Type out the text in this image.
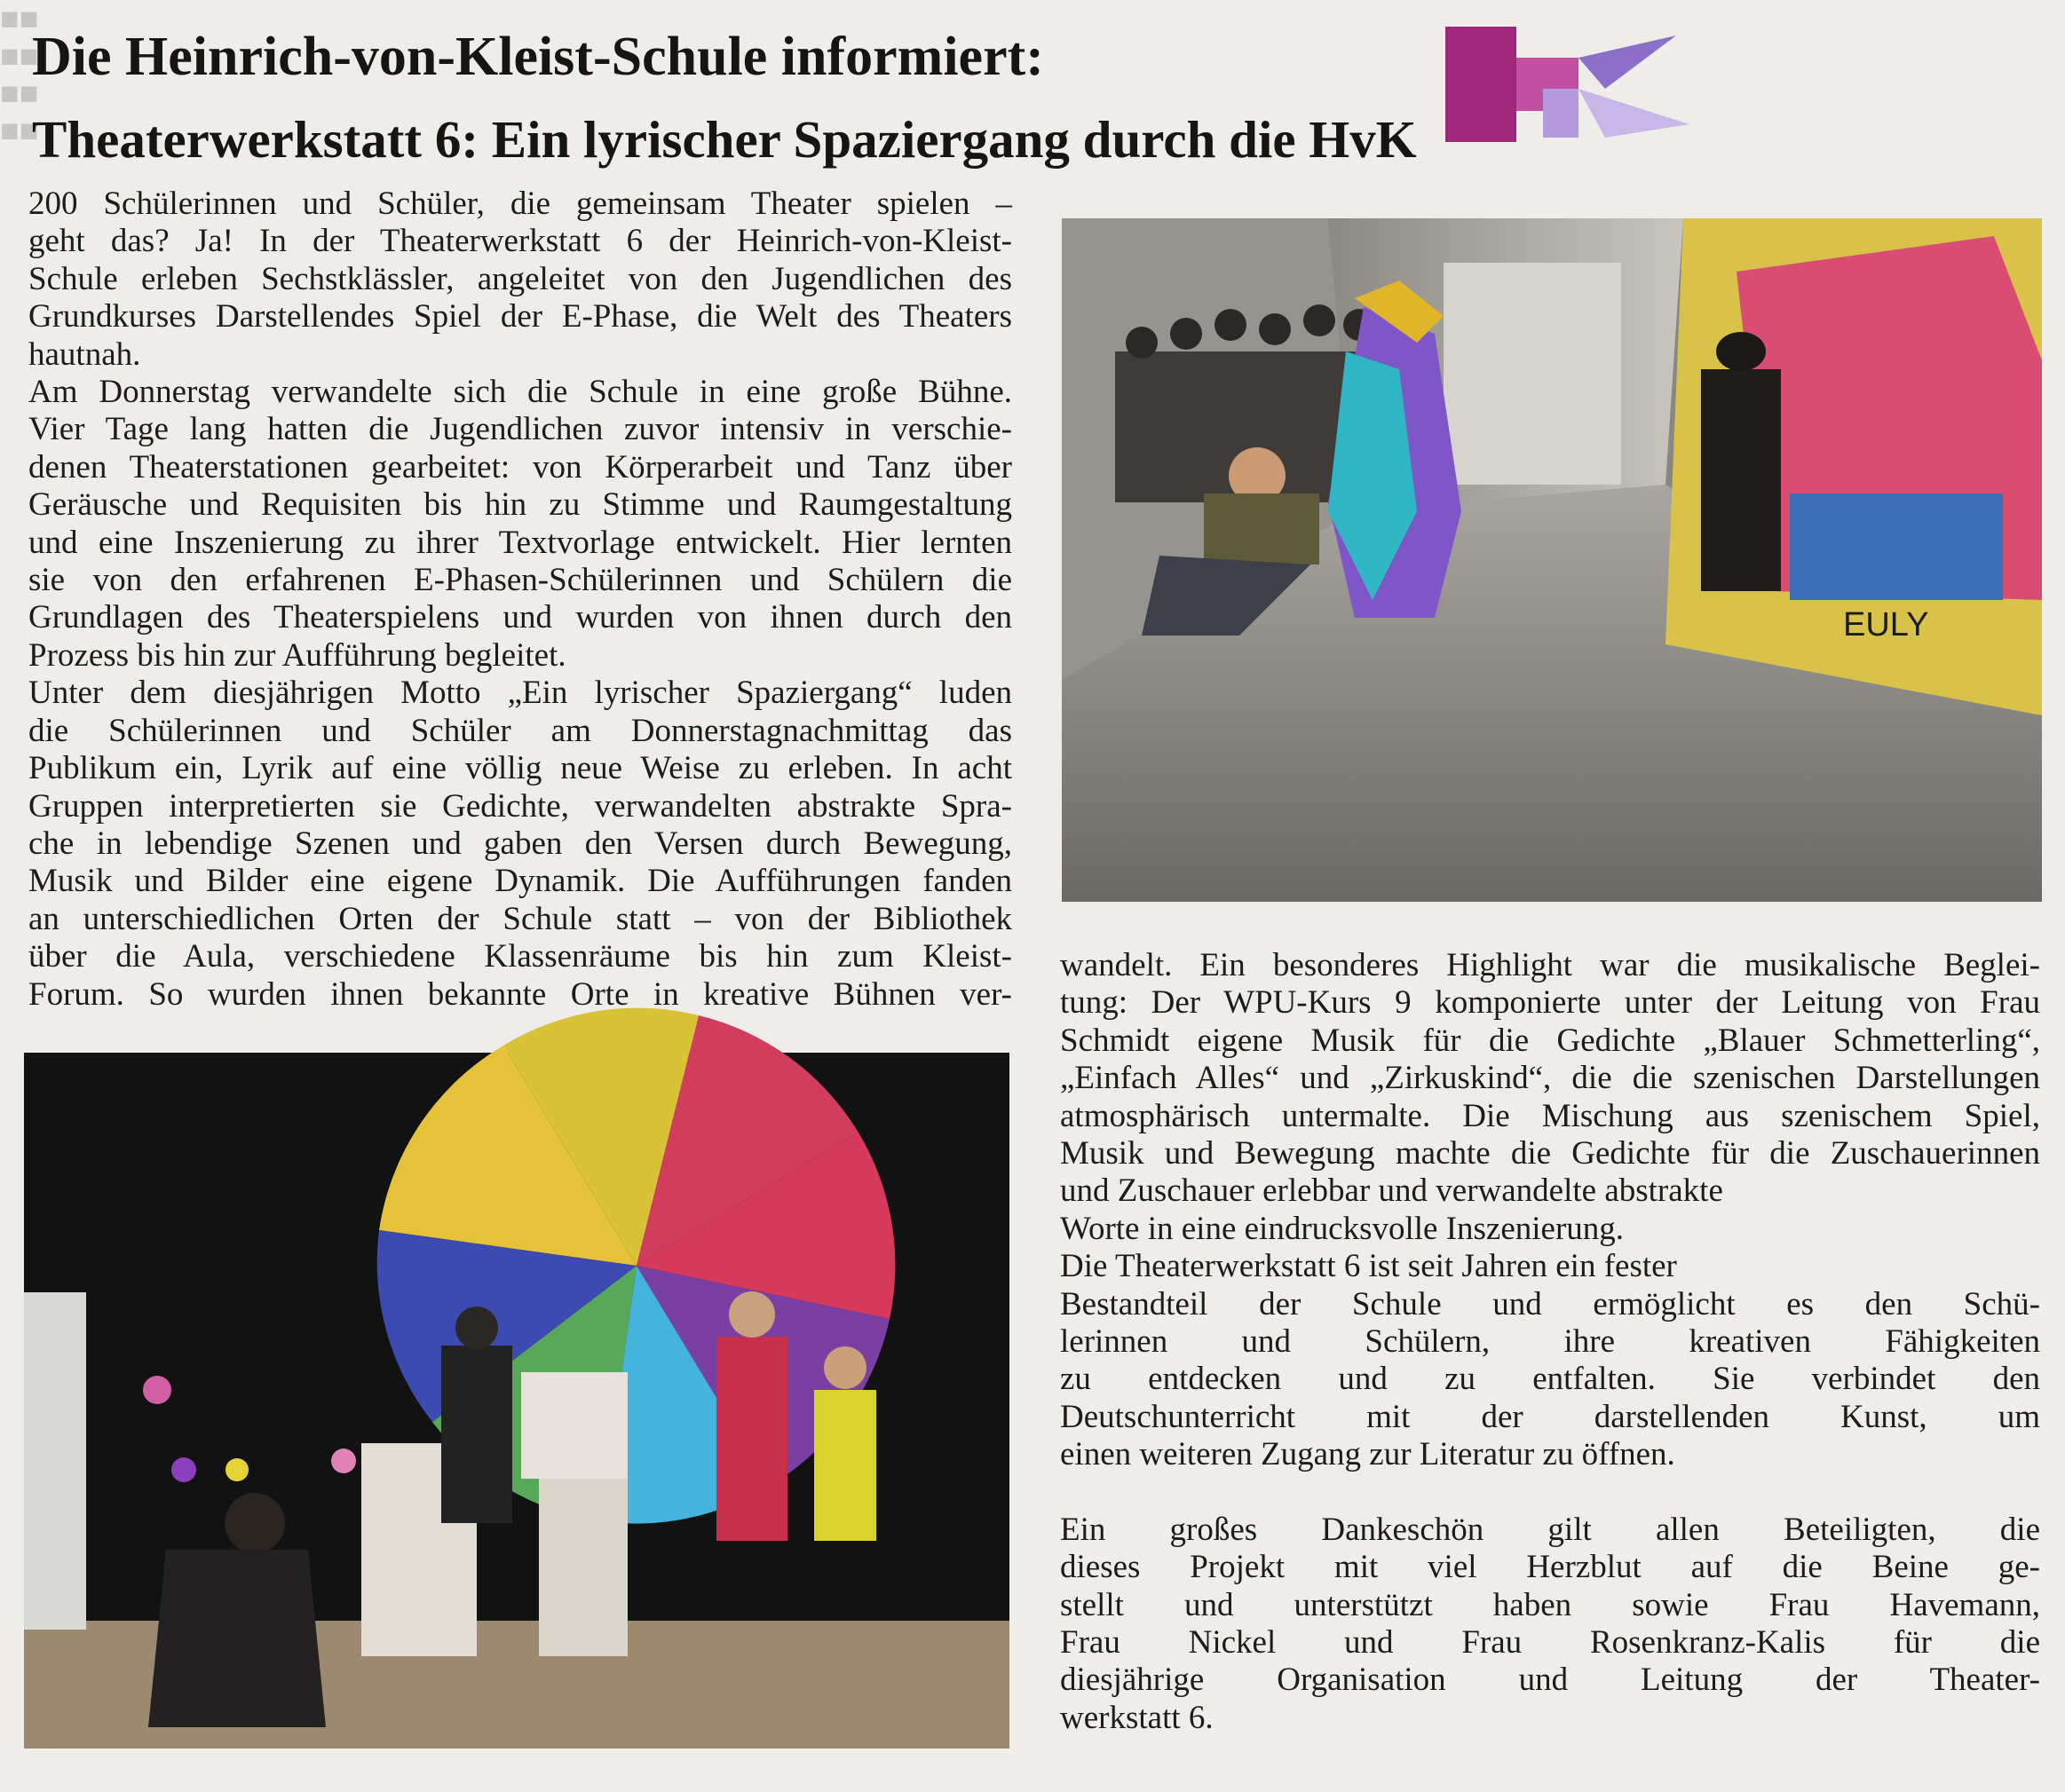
■■
■■
■■
■■
Die Heinrich-von-Kleist-Schule informiert:
Theaterwerkstatt 6: Ein lyrischer Spaziergang durch die HvK

200 Schülerinnen und Schüler, die gemeinsam Theater spielen –

geht das? Ja! In der Theaterwerkstatt 6 der Heinrich-von-Kleist-

Schule erleben Sechstklässler, angeleitet von den Jugendlichen des

Grundkurses Darstellendes Spiel der E-Phase, die Welt des Theaters

hautnah.

Am Donnerstag verwandelte sich die Schule in eine große Bühne.

Vier Tage lang hatten die Jugendlichen zuvor intensiv in verschie-

denen Theaterstationen gearbeitet: von Körperarbeit und Tanz über

Geräusche und Requisiten bis hin zu Stimme und Raumgestaltung

und eine Inszenierung zu ihrer Textvorlage entwickelt. Hier lernten

sie von den erfahrenen E-Phasen-Schülerinnen und Schülern die

Grundlagen des Theaterspielens und wurden von ihnen durch den

Prozess bis hin zur Aufführung begleitet.

Unter dem diesjährigen Motto „Ein lyrischer Spaziergang“ luden

die Schülerinnen und Schüler am Donnerstagnachmittag das

Publikum ein, Lyrik auf eine völlig neue Weise zu erleben. In acht

Gruppen interpretierten sie Gedichte, verwandelten abstrakte Spra-

che in lebendige Szenen und gaben den Versen durch Bewegung,

Musik und Bilder eine eigene Dynamik. Die Aufführungen fanden

an unterschiedlichen Orten der Schule statt – von der Bibliothek

über die Aula, verschiedene Klassenräume bis hin zum Kleist-

Forum. So wurden ihnen bekannte Orte in kreative Bühnen ver-

EULY

wandelt. Ein besonderes Highlight war die musikalische Beglei-

tung: Der WPU-Kurs 9 komponierte unter der Leitung von Frau

Schmidt eigene Musik für die Gedichte „Blauer Schmetterling“,

„Einfach Alles“ und „Zirkuskind“, die die szenischen Darstellungen

atmosphärisch untermalte. Die Mischung aus szenischem Spiel,

Musik und Bewegung machte die Gedichte für die Zuschauerinnen

und Zuschauer erlebbar und verwandelte abstrakte

Worte in eine eindrucksvolle Inszenierung.

Die Theaterwerkstatt 6 ist seit Jahren ein fester

Bestandteil der Schule und ermöglicht es den Schü-

lerinnen und Schülern, ihre kreativen Fähigkeiten

zu entdecken und zu entfalten. Sie verbindet den

Deutschunterricht mit der darstellenden Kunst, um

einen weiteren Zugang zur Literatur zu öffnen.

Ein großes Dankeschön gilt allen Beteiligten, die

dieses Projekt mit viel Herzblut auf die Beine ge-

stellt und unterstützt haben sowie Frau Havemann,

Frau Nickel und Frau Rosenkranz-Kalis für die

diesjährige Organisation und Leitung der Theater-

werkstatt 6.
